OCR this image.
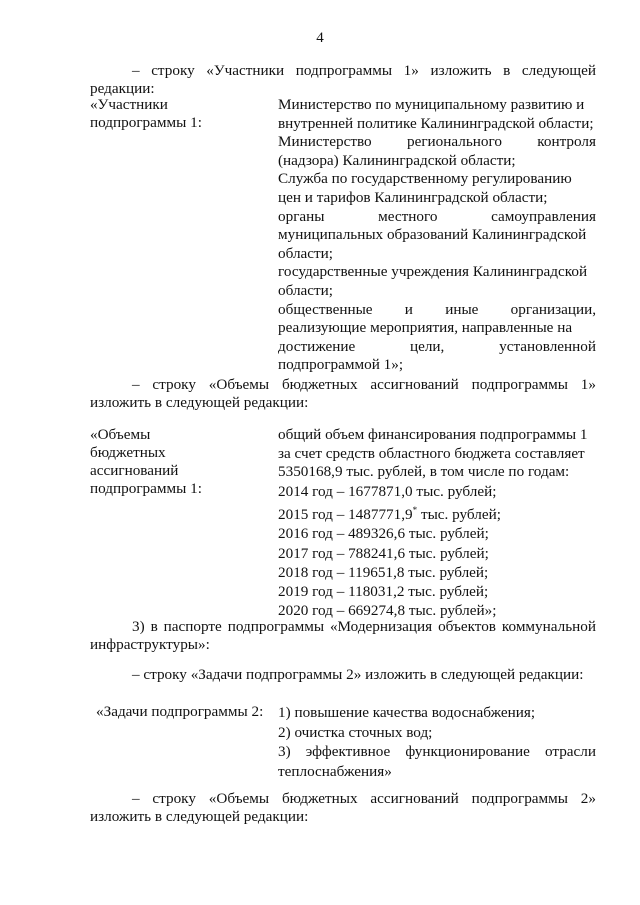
4
– строку «Участники подпрограммы 1» изложить в следующей редакции:
«Участники
подпрограммы 1:
Министерство по муниципальному развитию и
внутренней политике Калининградской области;
Министерство регионального контроля
(надзора) Калининградской области;
Служба по государственному регулированию
цен и тарифов Калининградской области;
органы местного самоуправления
муниципальных образований Калининградской
области;
государственные учреждения Калининградской
области;
общественные и иные организации,
реализующие мероприятия, направленные на
достижение цели, установленной
подпрограммой 1»;
– строку «Объемы бюджетных ассигнований подпрограммы 1» изложить в следующей редакции:
«Объемы
бюджетных
ассигнований
подпрограммы 1:
общий объем финансирования подпрограммы 1
за счет средств областного бюджета составляет
5350168,9 тыс. рублей, в том числе по годам:
2014 год – 1677871,0 тыс. рублей;
2015 год – 1487771,9* тыс. рублей;
2016 год – 489326,6 тыс. рублей;
2017 год – 788241,6 тыс. рублей;
2018 год – 119651,8 тыс. рублей;
2019 год – 118031,2 тыс. рублей;
2020 год – 669274,8 тыс. рублей»;
3) в паспорте подпрограммы «Модернизация объектов коммунальной инфраструктуры»:
– строку «Задачи подпрограммы 2» изложить в следующей редакции:
«Задачи подпрограммы 2: 1) повышение качества водоснабжения;
2) очистка сточных вод;
3) эффективное функционирование отрасли
теплоснабжения»
– строку «Объемы бюджетных ассигнований подпрограммы 2» изложить в следующей редакции:
